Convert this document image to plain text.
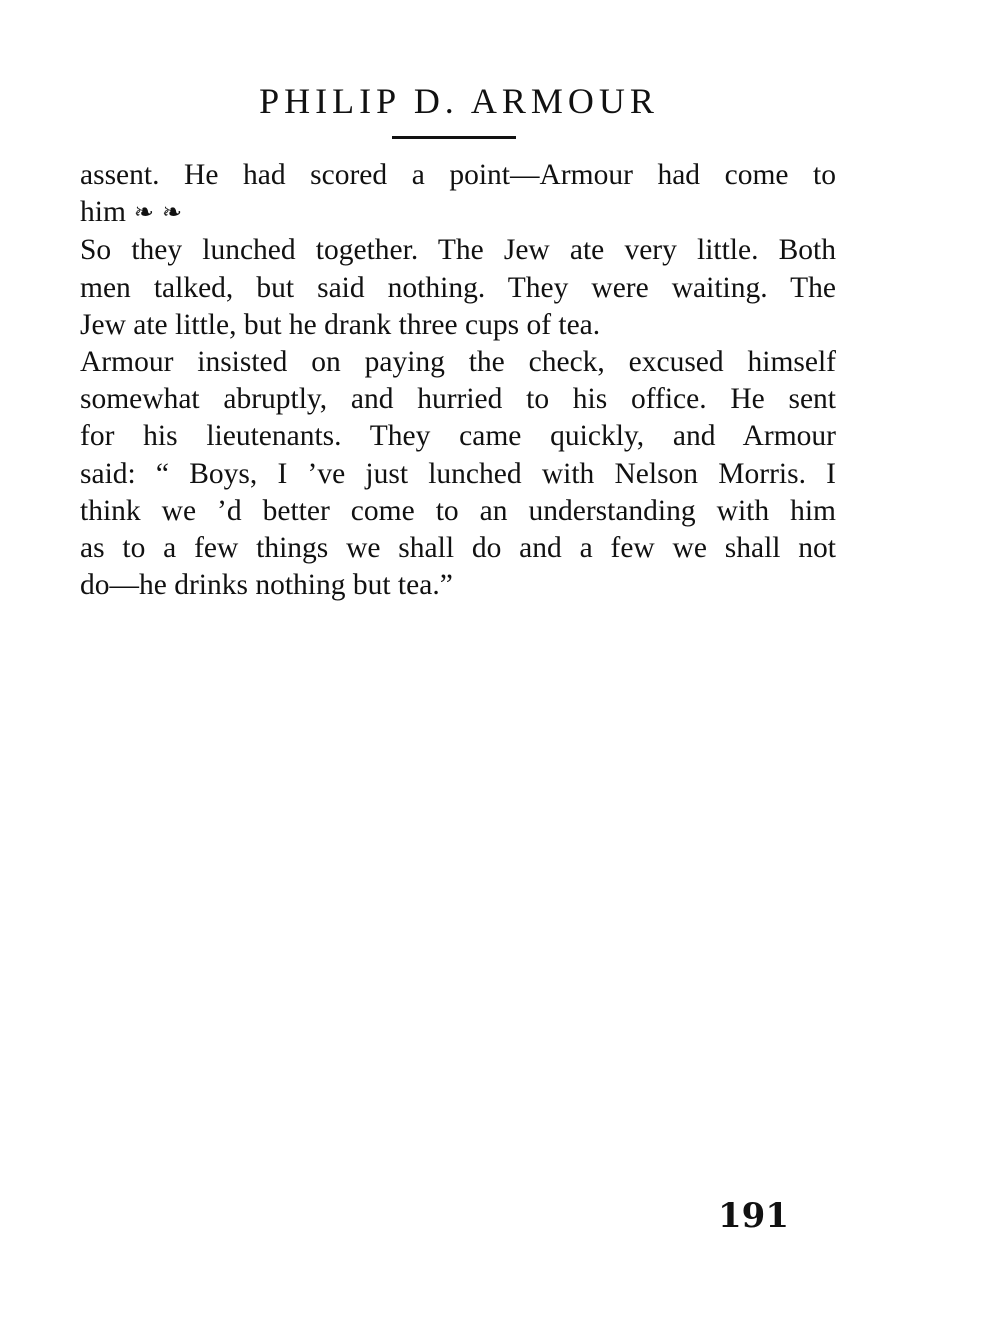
PHILIP D. ARMOUR
assent. He had scored a point—Armour had come to
him ❧ ❧
So they lunched together. The Jew ate very little. Both
men talked, but said nothing. They were waiting. The
Jew ate little, but he drank three cups of tea.
Armour insisted on paying the check, excused himself
somewhat abruptly, and hurried to his office. He sent
for his lieutenants. They came quickly, and Armour
said: “ Boys, I ’ve just lunched with Nelson Morris. I
think we ’d better come to an understanding with him
as to a few things we shall do and a few we shall not
do—he drinks nothing but tea.”
191
